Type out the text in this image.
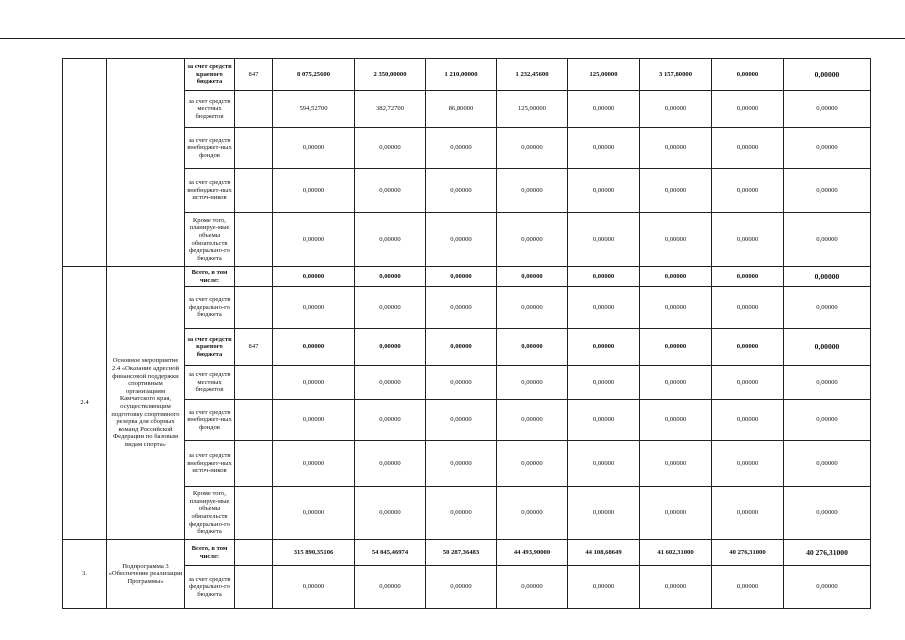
		за счет средств краевого бюджета	847	8 075,25600	2 350,00000	1 210,00000	1 232,45600	125,00000	3 157,80000	0,00000	0,00000
		за счет средств местных бюджетов		594,52700	382,72700	86,80000	125,00000	0,00000	0,00000	0,00000	0,00000
		за счет средств внебюджет-ных фондов		0,00000	0,00000	0,00000	0,00000	0,00000	0,00000	0,00000	0,00000
		за счет средств внебюджет-ных источ-ников		0,00000	0,00000	0,00000	0,00000	0,00000	0,00000	0,00000	0,00000
		Кроме того, планируе-мые объемы обязательств федерально-го бюджета		0,00000	0,00000	0,00000	0,00000	0,00000	0,00000	0,00000	0,00000
2.4	Основное мероприятие 2.4 «Оказание адресной финансовой поддержки спортивным организациям Камчатского края, осуществляющим подготовку спортивного резерва для сборных команд Российской Федерации по базовым видам спорта»	Всего, в том числе:		0,00000	0,00000	0,00000	0,00000	0,00000	0,00000	0,00000	0,00000
		за счет средств федерально-го бюджета		0,00000	0,00000	0,00000	0,00000	0,00000	0,00000	0,00000	0,00000
		за счет средств краевого бюджета	847	0,00000	0,00000	0,00000	0,00000	0,00000	0,00000	0,00000	0,00000
		за счет средств местных бюджетов		0,00000	0,00000	0,00000	0,00000	0,00000	0,00000	0,00000	0,00000
		за счет средств внебюджет-ных фондов		0,00000	0,00000	0,00000	0,00000	0,00000	0,00000	0,00000	0,00000
		за счет средств внебюджет-ных источ-ников		0,00000	0,00000	0,00000	0,00000	0,00000	0,00000	0,00000	0,00000
		Кроме того, планируе-мые объемы обязательств федерально-го бюджета		0,00000	0,00000	0,00000	0,00000	0,00000	0,00000	0,00000	0,00000
3.	Подпрограмма 3 «Обеспечение реализации Программы»	Всего, в том числе:		315 890,35106	54 845,46974	50 287,36483	44 493,90000	44 108,68649	41 602,31000	40 276,31000	40 276,31000
		за счет средств федерально-го бюджета		0,00000	0,00000	0,00000	0,00000	0,00000	0,00000	0,00000	0,00000
